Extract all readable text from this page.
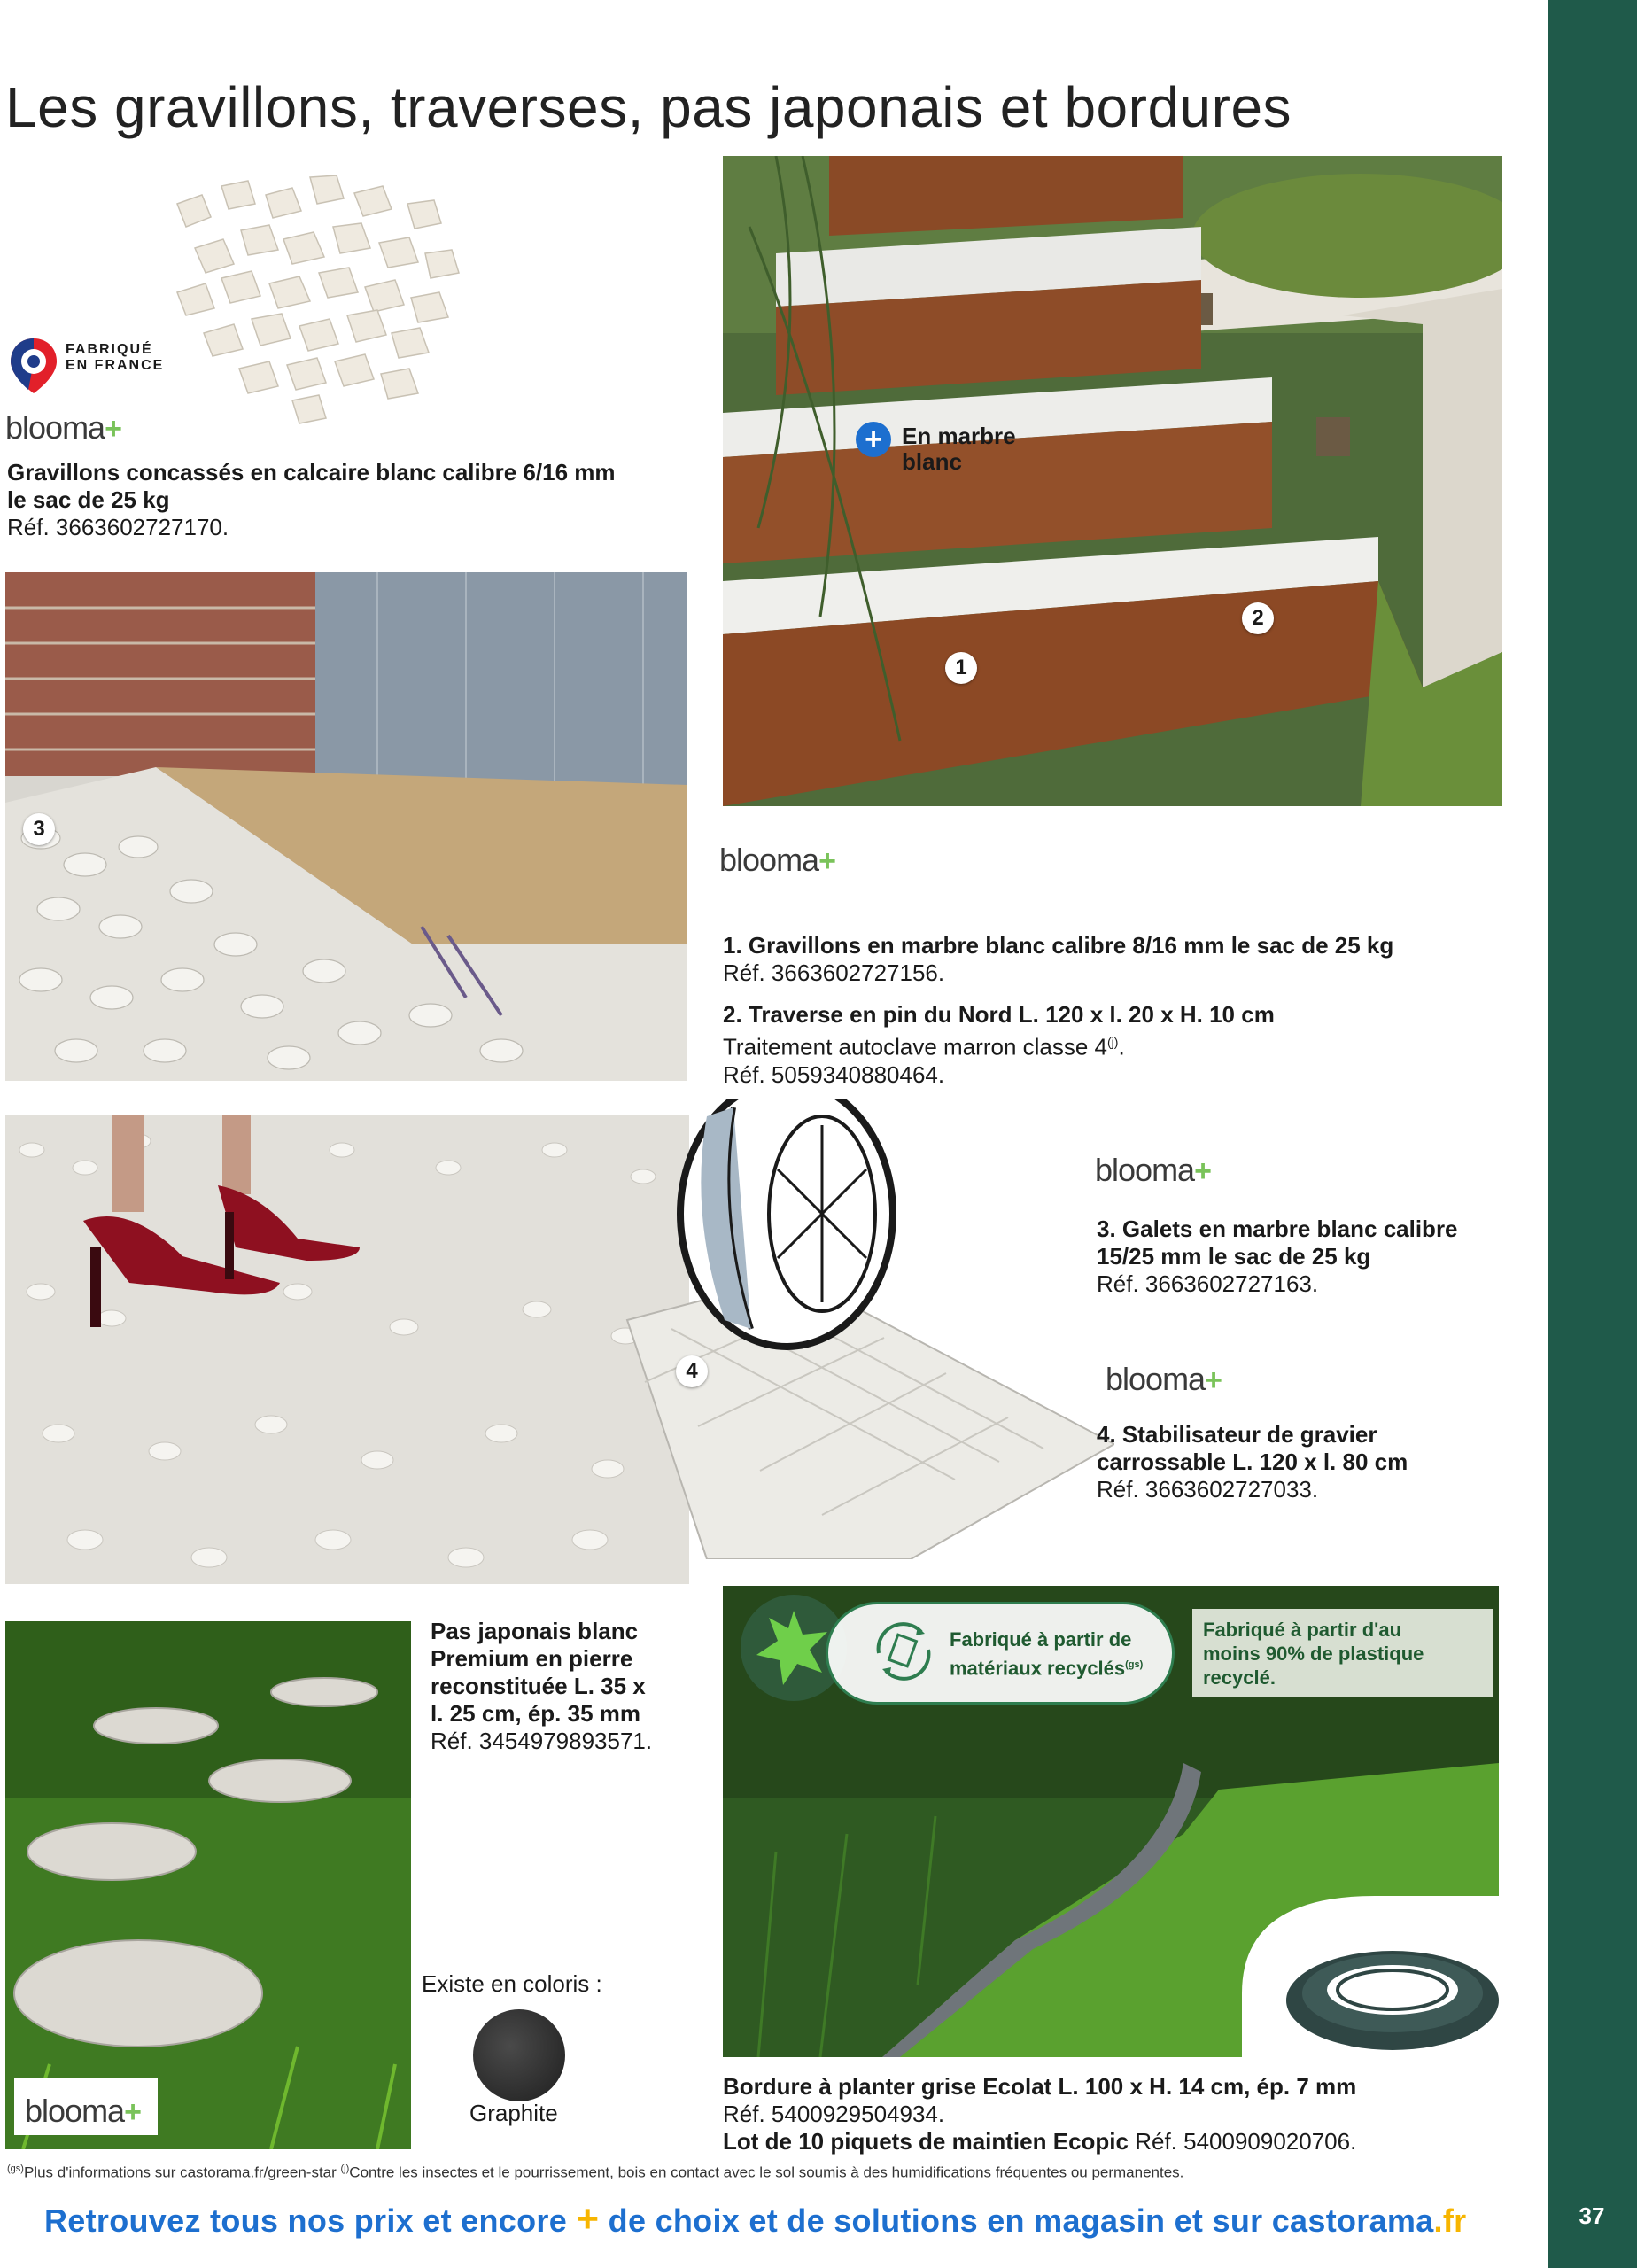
37
Les gravillons, traverses, pas japonais et bordures
FABRIQUÉ
EN FRANCE
blooma+
Gravillons concassés en calcaire blanc calibre 6/16 mm
le sac de 25 kg
Réf. 3663602727170.
+ En marbre
blanc
1
2
3
blooma+
1. Gravillons en marbre blanc calibre 8/16 mm le sac de 25 kg
Réf. 3663602727156.
2. Traverse en pin du Nord L. 120 x l. 20 x H. 10 cm
Traitement autoclave marron classe 4$^{(j)}$.
Réf. 5059340880464.
4
blooma+
3. Galets en marbre blanc calibre
15/25 mm le sac de 25 kg
Réf. 3663602727163.
blooma+
4. Stabilisateur de gravier
carrossable L. 120 x l. 80 cm
Réf. 3663602727033.
blooma+
Pas japonais blanc
Premium en pierre
reconstituée L. 35 x
l. 25 cm, ép. 35 mm
Réf. 3454979893571.
Existe en coloris :
Graphite
Fabriqué à partir de
matériaux recyclés$^{(gs)}$
Fabriqué à partir d'au
moins 90% de plastique
recyclé.
Bordure à planter grise Ecolat L. 100 x H. 14 cm, ép. 7 mm
Réf. 5400929504934.
Lot de 10 piquets de maintien Ecopic Réf. 5400909020706.
$^{(gs)}$Plus d'informations sur castorama.fr/green-star $^{(j)}$Contre les insectes et le pourrissement, bois en contact avec le sol soumis à des humidifications fréquentes ou permanentes.
Retrouvez tous nos prix et encore + de choix et de solutions en magasin et sur castorama.fr
